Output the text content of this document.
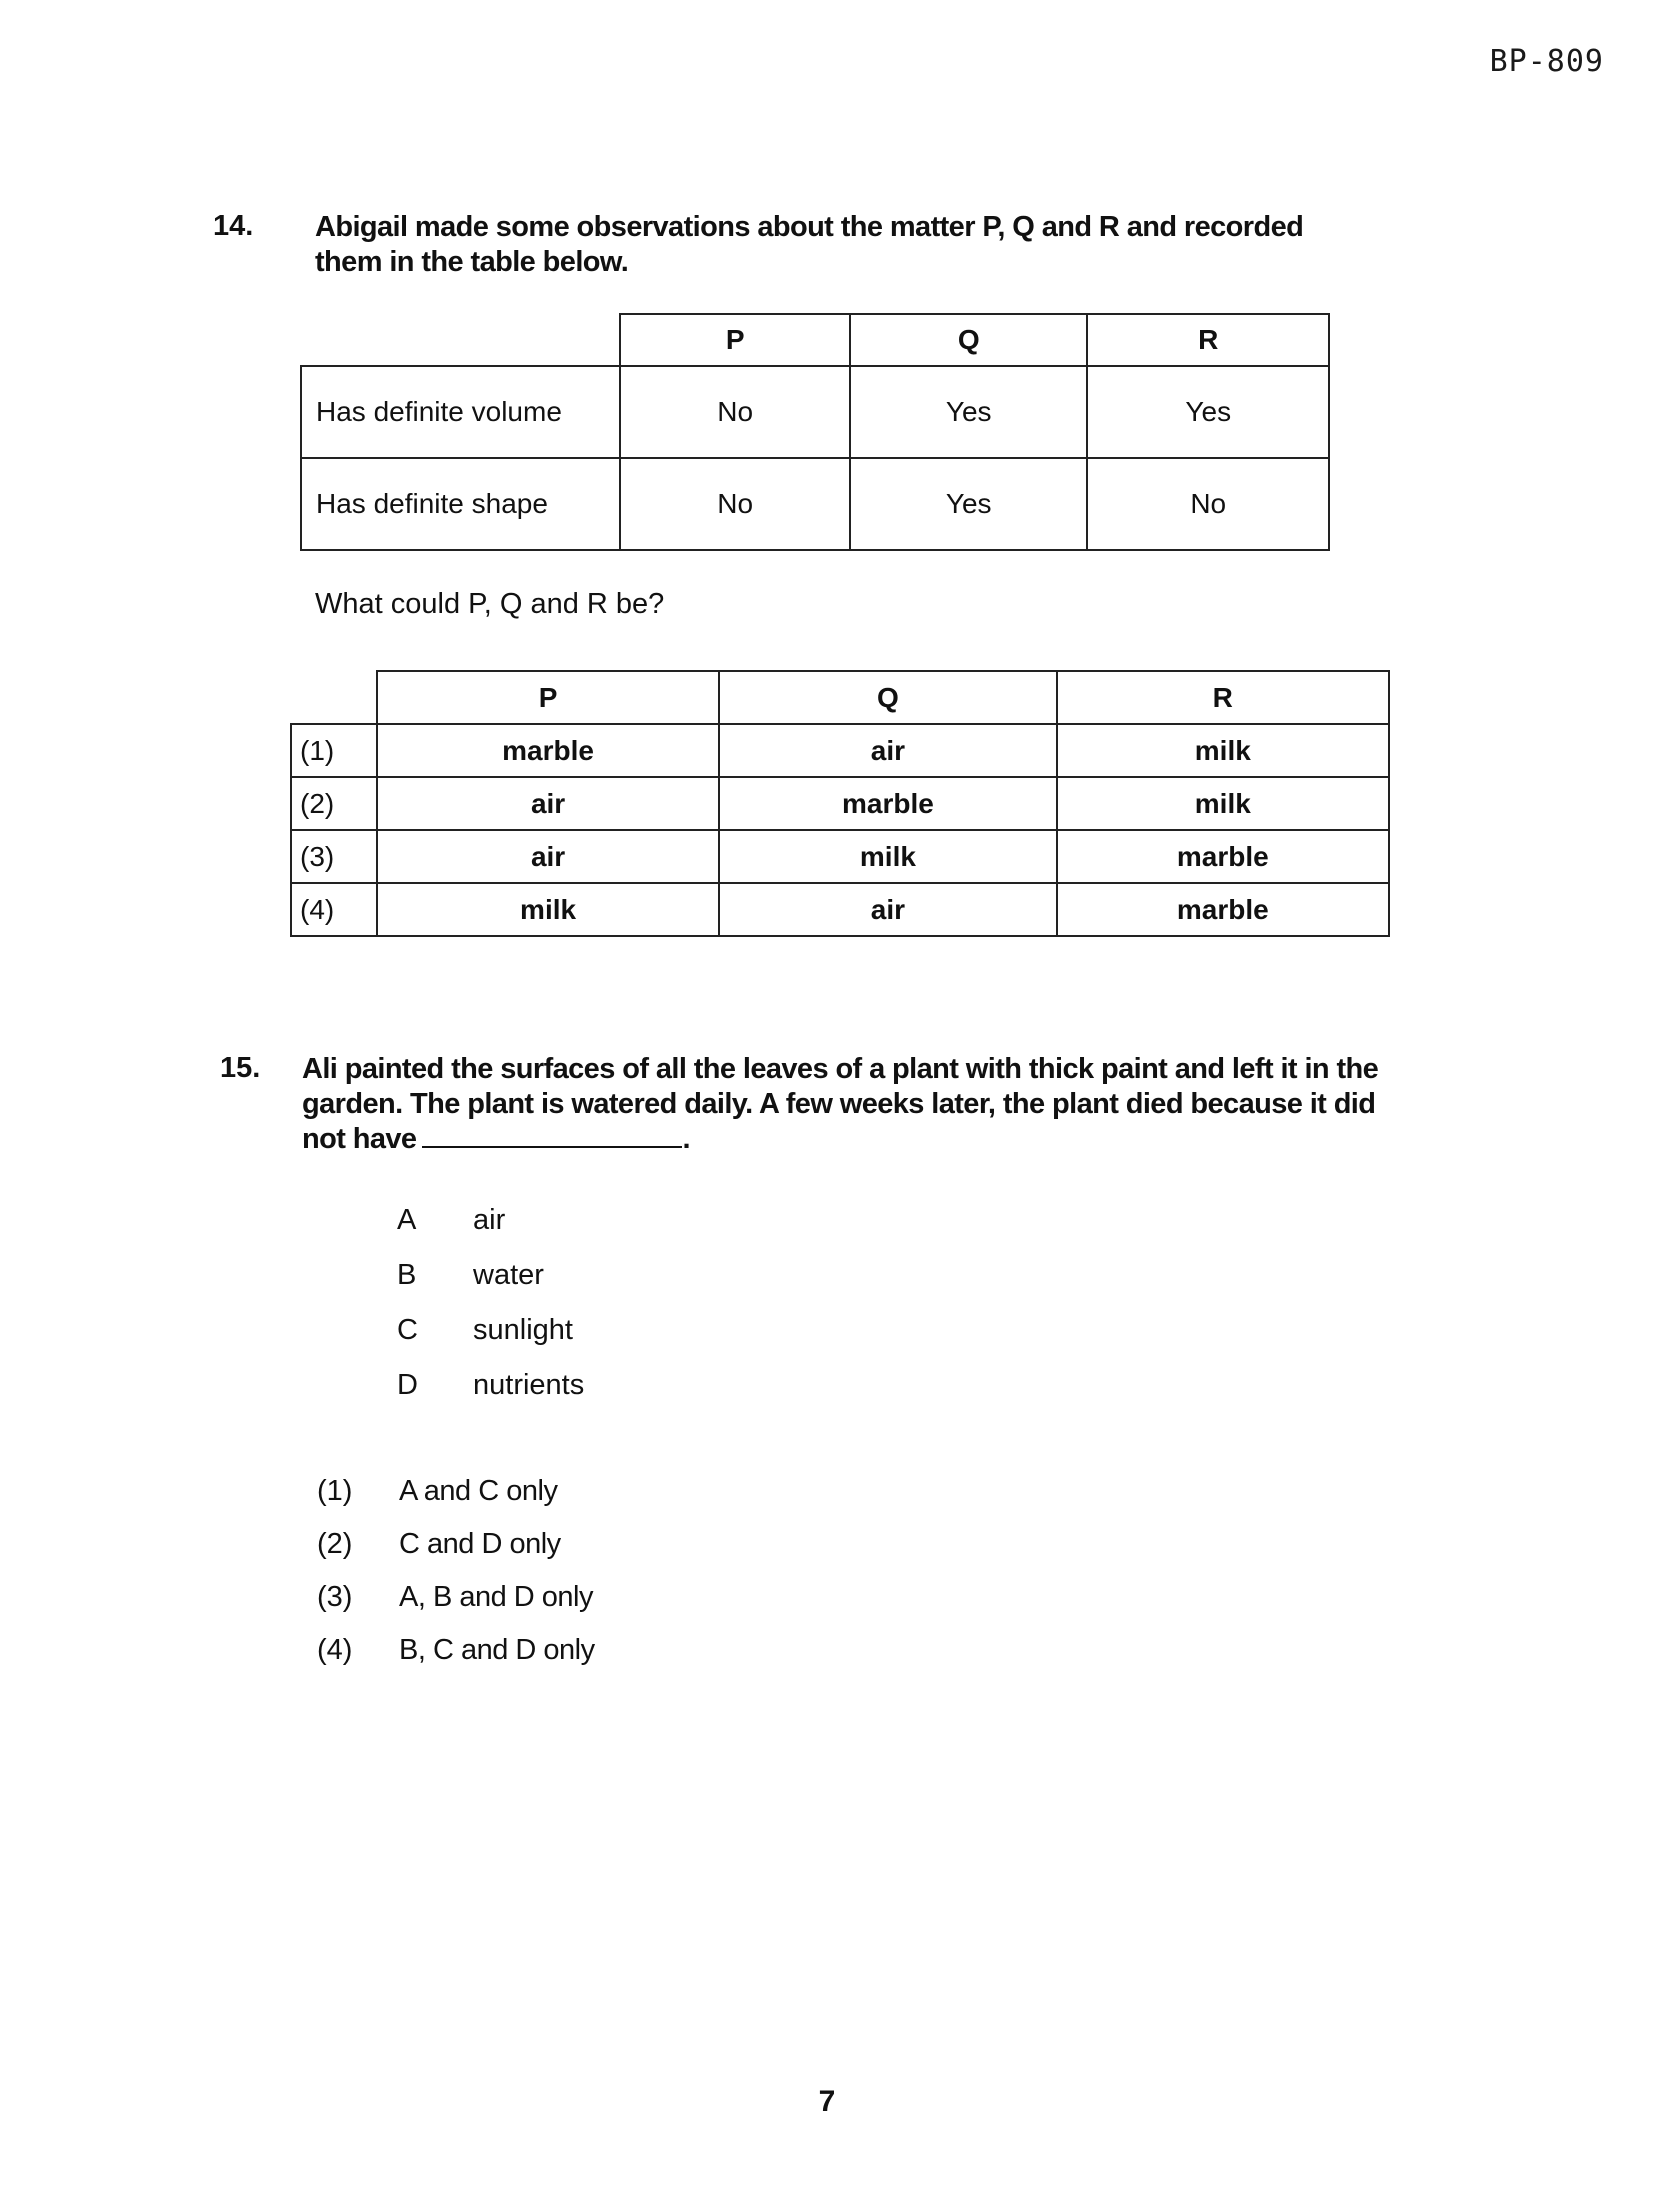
BP-809
14. Abigail made some observations about the matter P, Q and R and recorded
them in the table below.
	P	Q	R
Has definite volume	No	Yes	Yes
Has definite shape	No	Yes	No
What could P, Q and R be?
	P	Q	R
(1)	marble	air	milk
(2)	air	marble	milk
(3)	air	milk	marble
(4)	milk	air	marble
15. Ali painted the surfaces of all the leaves of a plant with thick paint and left it in the
garden. The plant is watered daily. A few weeks later, the plant died because it did
not have	.
A air
B water
C sunlight
D nutrients
(1) A and C only
(2) C and D only
(3) A, B and D only
(4) B, C and D only
7
